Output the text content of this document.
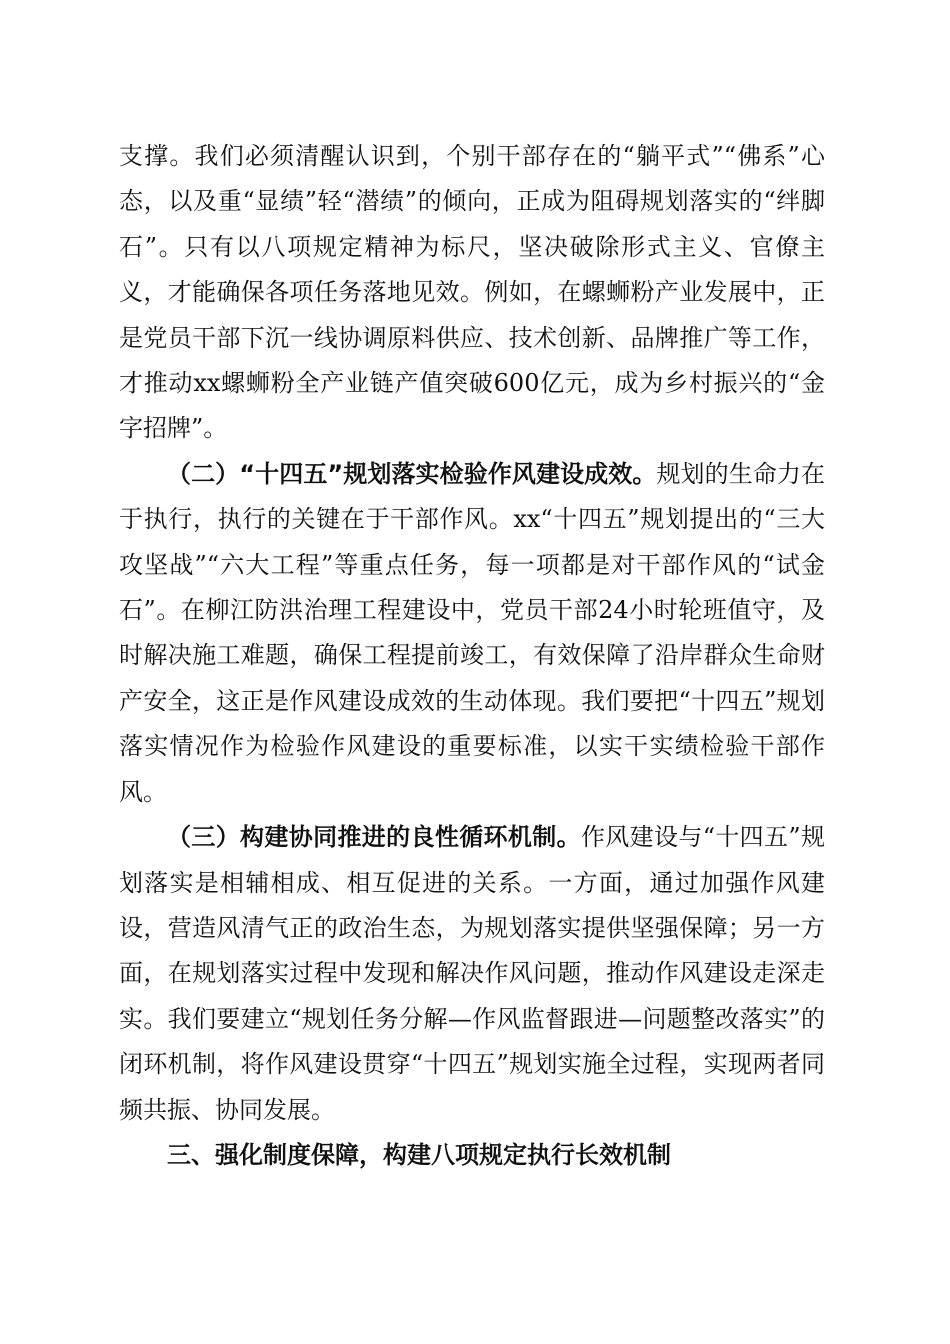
支撑。我们必须清醒认识到，个别干部存在的“躺平式”“佛系”心态，以及重“显绩”轻“潜绩”的倾向，正成为阻碍规划落实的“绊脚石”。只有以八项规定精神为标尺，坚决破除形式主义、官僚主义，才能确保各项任务落地见效。例如，在螺蛳粉产业发展中，正是党员干部下沉一线协调原料供应、技术创新、品牌推广等工作，才推动xx螺蛳粉全产业链产值突破600亿元，成为乡村振兴的“金字招牌”。

（二）“十四五”规划落实检验作风建设成效。规划的生命力在于执行，执行的关键在于干部作风。xx“十四五”规划提出的“三大攻坚战”“六大工程”等重点任务，每一项都是对干部作风的“试金石”。在柳江防洪治理工程建设中，党员干部24小时轮班值守，及时解决施工难题，确保工程提前竣工，有效保障了沿岸群众生命财产安全，这正是作风建设成效的生动体现。我们要把“十四五”规划落实情况作为检验作风建设的重要标准，以实干实绩检验干部作风。

（三）构建协同推进的良性循环机制。作风建设与“十四五”规划落实是相辅相成、相互促进的关系。一方面，通过加强作风建设，营造风清气正的政治生态，为规划落实提供坚强保障；另一方面，在规划落实过程中发现和解决作风问题，推动作风建设走深走实。我们要建立“规划任务分解—作风监督跟进—问题整改落实”的闭环机制，将作风建设贯穿“十四五”规划实施全过程，实现两者同频共振、协同发展。

三、强化制度保障，构建八项规定执行长效机制
